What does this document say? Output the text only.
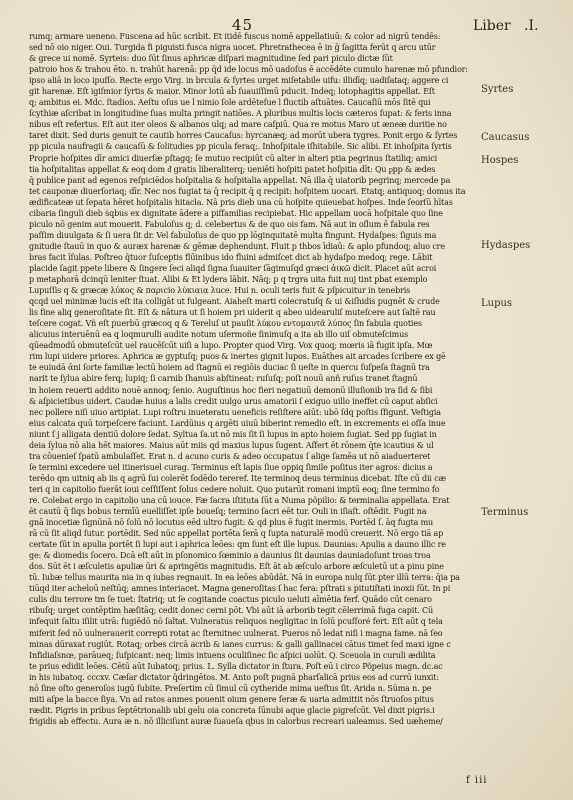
45	Liber .I.
rumq; armare ueneno. Fuscena ad hūc scribit. Et itidē fuscus nomē appellatiuū: & color ad nigrū tendēs:
sed nō oio niger. Oui. Turgida fi piguisti fusca nigra uocet. Phretrathecea ē in ḡ ſagitta ferūt q arcu utūr
& grece ui nomē. Syrteis: duo ſūt ſinus aphricæ diſpari magnitudine ſed pari piculo dictæ ſūt
patroio hos & trahou ēto. n. trahūt harenā: pp q̄d ide locus mō uadoſus ē accēdēte cumulo harenæ mō pfundior:
ipso aliā in loco ipuſſo. Recte ergo Virg. in brcula & ſyrtes urget miſetabile uifu: illidīq; uadiſataq; aggere ci
git harenæ. Eſt igiſmior ſyrtis & maior. Minor lotū ab̄ ſuauiſſimū pducit. Indeq; lotophagitis appellat. Eſt
q; ambitus ei. Mdc. ſtadios. Aeſtu oſus ue l nimio ſole ardēteſue l fluctib aſtuātes. Caucaſiū mōs ſitē qui
ſcythiæ aſcribat in longitudine ſuas multa pringit natiōes. A pluribus multis locis cæteros ſupat: & feris inna
nibus eſt refertus. Eſt aut iter oleos & albanos ulq; ad mare caſpiū. Qua re motus Maro ut æneæ duritie no
taret dixit. Sed duris genuit te cautib horres Caucaſus: hyrcanæq; ad morūt ubera tygres. Ponit ergo & ſyrtes
pp picula naufragii & caucaſū & ſolitudies pp picula feraq;. Inhoſpitale iſhitabile. Sic alibi. Et inhoſpita ſyrtis
Proprie hoſpites dīr amici diuerſæ pſtagq; ſe mutuo recipiūt cū alter in alteri ptia pegrinus ſtatiliq; amici
tia hoſpitalitas appellat & eoq dom ᵭ gratis liberaliterq; ueniēti hoſpiti patet hoſpitia dīt: Qu ᵱpp & ædes
q̄ publice pant ad egenos reſpiciēdos hoſpitalia & hoſpitalia appellat. Nā illa q̄ uiatorib pegrinq; mercede pa
tet cauponæ diuerſoriaq; dīr. Nec nos fugiat ta q̄ recipit q̄ q recipit: hoſpitem uocari. Etatq; antiquoq; domus ita
ædificateæ ut ſepata hēret hoſpitalis hitacla. Nā pris dieb una cū hoſpite quieuebat hoſpes. Inde ſeorſū hītas
cibaria ſinguli dieb ṡqbus ex dignitate ādere a piſfamilias recipiebat. Hic appellam uocā hoſpitale quo ſine
piculo nō genim aut mouerit. Fabuloſus q; d. celebertus & de quo ois fam. Nā aut in oſlum ē fabula res
paſſim diuulgata & ſi uera ſit dr. Vel fabuloſus de quo pp lōginquitatē multa fingunt. Hydaſpes: ſiguis ma
gnitudie ſtauū in quo & auræx harenæ & gēmæ dephendunt. Fluit p thbos īdiaū: & aplo pfundoq; aluo cre
bras facit īſulas. Poſtreo q̄tuor ſuſceptis flūinibus ido fluini admiſcet dict ab hydaſpo medoq; rege. Lābit
placide ſagit ppete libere & ſingere ſeci aliqd ſigna ſuauiter ſāgimuſqd græci ἀικῶ dicit. Placet aūt acroi
p metaphorā dcinqū leniter ſtuat. Alibi & Et lydera lābit. Nāq; p q trgra uita fuit nuj tint pbat exemplo
Lupuſſis q & græcæ λύκος & παριcio λύκιαια λuce. Hui n. oculi teris fuit & pſpicuitur in tenebris
qcqd uel minimæ lucis eſt ita colligāt ut fulgeant. Aiaheſt marti colecratuſq & ui &iſhidis pugnēt & crude
lis fine aliq generoſitate ſit. Eſt & nātura ut ſi hoiem pri uiderit q abeo uidearuliſ muteſcere aut ſaltē rau
teſcere cogat. Vñ eſt puerbū græcoq q & Tereluſ ut pauſit λύκου εντομαυτᾶ λύπος ſin fabula quoties
alicuius interuēnū ea q loqmurulli audite notum uſermoñe ſinimuſq a ita ab illo uiſ obmuteſcimus
qūeadmodū obmuteſcūt uel raucēſcūt uiſi a lupo. Propter quod Virg. Vox quoq; mœris iā fugit ipſa. Mœ
rim lupi uidere priores. Aphrica æ gyptuſq; puos & inertes gignit lupos. Euāthes ait arcades ſcribere ex gē
te euiudā ᾱni ſorte familiæ lectū hoiem ad ſtagnū ei regiōis duciac ſi ueſte in quercu ſuſpeſa ſtagnū tra
narit te ſylua abire ferq; lupiq; ſi carnib ſhanuis abſtineat: ruſuſq; poſt nouū anñ ruſus tranet ſtagnū
in hoiem reuerti addito nouē annoq; ſenio. Auguſtinus hoc fieri negatiuū demonū illuſionib ira ſid & ſibi
& aſpicietibus uidert. Caudæ huius a lalis credit uulgo urus amatorii ſ exiguo uillo ineffet cū caput abſici
nec pollere niſi uiuo artipiat. Lupi roſtru inueteratu ueneficis reſiſtere aiūt: ubō ſdq poſtis ſfigunt. Veſtigia
eius calcata quū torpeſcere faciunt. Lardūius q argēti uiuū biberint remedio eſt. in excrements ei oſſa inue
niunt ſ j alligata dentiū dolore ſedat. Syltua ſa.ut nō mis ſit ſi lupus in apto hoiem ſugiat. Sed pp ſugiat in
deia ſylua nō alia hēt maiores. Maius aūt miis qd maxius lupus ſugent. Aſfert ēt rōnem q̄te icautius & ul
tra cōuenieſ ſpatū ambulaſſet. Erat n. d acuno curis & adeo occupatus ſ alige ſamēa ut nō aiaduerteret
ſe termini excedere uel itinerisuel curag. Terminus eſt lapis ſiue oppiq ſimile poſitus iter agros: dicius a
terēdo qm uitniq ab iis q agrū ſui colerēt ſodēdo tereref. Ite terminoq deus terminus dicebat. Iſte cū dii cæ
teri q in capitolio fuerāt ioui ceſſiſſent ſolus cedere noluit. Quo putarūt romani imptū eoq; ſine termino fo
re. Colebat ergo in capitolio una cū iouce. Fæ ſacra iſtituta ſūt a Numa põpilio: & terminalia appellata. Erat
ēt cautū q̄ ſiqs bobus termīū euelliſſet ipſe boueſq; termino ſacri eēt tur. Ouli in iſiaſt. oſtēdit. Fugit na
gnā inocetiæ ſignūnā nō ſolū nō locutus eēd ultro fugit: & qd plus ē fugit inermis. Portēd ſ. āq fugta mu
rā cū ſit aliqd ſutur. portēdit. Sed nūc appellat portēta ſerā q ſupta naturalē modū creuerit. Nō ergo tiā ap
certate ſūt in apulia portēt ſi lupi aut i aphrica leōes: qm ſunt eſt ille lupus. Daunias: Apulia a dauno illic re
ge: & diomedis ſocero. Dcā eſt aūt in pſonomico ſœminio a daunius ſit daunias dauniadoſunt troas troa
dos. Sūt ēt i æſculetis apuliæ ūri & apringētis magnitudis. Eſt āt ab æſculo arbore æſculetū ut a pinu pine
tū. Iubæ tellus maurita nia in q iubas regnauit. In ea leōes abūdāt. Nā in europa nulq ſūt pter illū terra: q̄ia pa
tiūqd iter acheloū neſtūq; amnes interiacet. Magna generoſitas ſ hac fera: pſtrati s pitutiſtati inoxii ſūt. In pi
culis diu terrore tm ſe tuet: ſtatriq; ut ſe cogitande coactus piculo ueluti aīmētia ferf. Quādo cūt cenaro
ribuſq; urget contēptim hæſitāq; cedit donec cerni pōt. Vbi aūt iā arborib tegit cēlerrimā fuga capit. Cū
infequit ſaltu iſilit utrā: fugiēdō nō ſaltat. Vulneratus reliquos negligitac in ſolū pcuſſoré fert. Eſt aūt q tela
miferit ſed nō uulnerauerit correpti rotat ac ſternitnec uulnerat. Pueros nō ledat niſi i magna fame. nā ſeo
minas dūraxat rugiūt. Rotaq; orbes circā acrib & ianes currus: & galli gallinacei cātus timet ſed maxi igne c
Infidiaſsnœ, parāueq; ſuſpicant: neq; limis intuens oculiſinec ſic aſpici uolūt. Q. Sceuola in curuli ædilita
te prius edidit leōes. Cētū aūt Iubatoq; prius. L. Sylla dictator in ſtura. Poſt eū i circo Põpeius magn. dc.ac
in his iubatoq. cccxv. Cæſar dictator q̄dringētos. M. Anto poſt pugnā pharſalicā prius eos ad currū iunxit:
nō ſine oſto generoſos iugū ſubite. Preſertim cū ſimul cū cytheride mima ueſtus ſit. Arida n. Sūma n. pe
miti aſpe la bacce ſiya. Vn ad ratos anmes pouenit oium genere ſeræ & uaria admittit nōs ſtruoſos pitus
rædit. Pigris in pribus ſeptētrionalib ubi gelu oia concreta ſūnubi aque glacie pigreſcūt. Vel dixit pigris.i
frigidis ab effectu. Aura æ n. nō illiciſunt auræ ſuaueſa ɋbus in calorbus recreari ualeamus. Sed uæheme/
Syrtes
Caucasus
Hospes
Hydaspes
Lupus
Terminus
f iii
